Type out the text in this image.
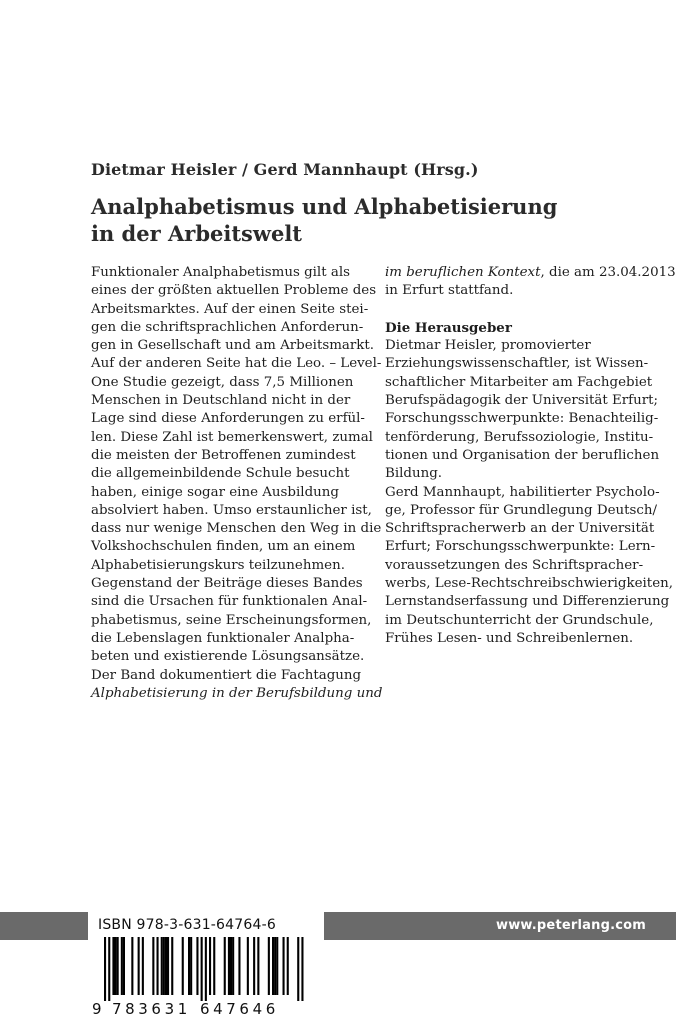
Dietmar Heisler / Gerd Mannhaupt (Hrsg.)
Analphabetismus und Alphabetisierung
in der Arbeitswelt
Funktionaler Analphabetismus gilt als
eines der größten aktuellen Probleme des
Arbeitsmarktes. Auf der einen Seite stei-
gen die schriftsprachlichen Anforderun-
gen in Gesellschaft und am Arbeitsmarkt.
Auf der anderen Seite hat die Leo. – Level-
One Studie gezeigt, dass 7,5 Millionen
Menschen in Deutschland nicht in der
Lage sind diese Anforderungen zu erfül-
len. Diese Zahl ist bemerkenswert, zumal
die meisten der Betroffenen zumindest
die allgemeinbildende Schule besucht
haben, einige sogar eine Ausbildung
absolviert haben. Umso erstaunlicher ist,
dass nur wenige Menschen den Weg in die
Volkshochschulen finden, um an einem
Alphabetisierungskurs teilzunehmen.
Gegenstand der Beiträge dieses Bandes
sind die Ursachen für funktionalen Anal-
phabetismus, seine Erscheinungsformen,
die Lebenslagen funktionaler Analpha-
beten und existierende Lösungsansätze.
Der Band dokumentiert die Fachtagung
Alphabetisierung in der Berufsbildung und
im beruflichen Kontext, die am 23.04.2013
in Erfurt stattfand.
Die Herausgeber
Dietmar Heisler, promovierter
Erziehungswissenschaftler, ist Wissen-
schaftlicher Mitarbeiter am Fachgebiet
Berufspädagogik der Universität Erfurt;
Forschungsschwerpunkte: Benachteilig-
tenförderung, Berufssoziologie, Institu-
tionen und Organisation der beruflichen
Bildung.
Gerd Mannhaupt, habilitierter Psycholo-
ge, Professor für Grundlegung Deutsch/
Schriftspracherwerb an der Universität
Erfurt; Forschungsschwerpunkte: Lern-
voraussetzungen des Schriftspracher-
werbs, Lese-Rechtschreibschwierigkeiten,
Lernstandserfassung und Differenzierung
im Deutschunterricht der Grundschule,
Frühes Lesen- und Schreibenlernen.
www.peterlang.com
ISBN 978-3-631-64764-6
9 783631 647646
